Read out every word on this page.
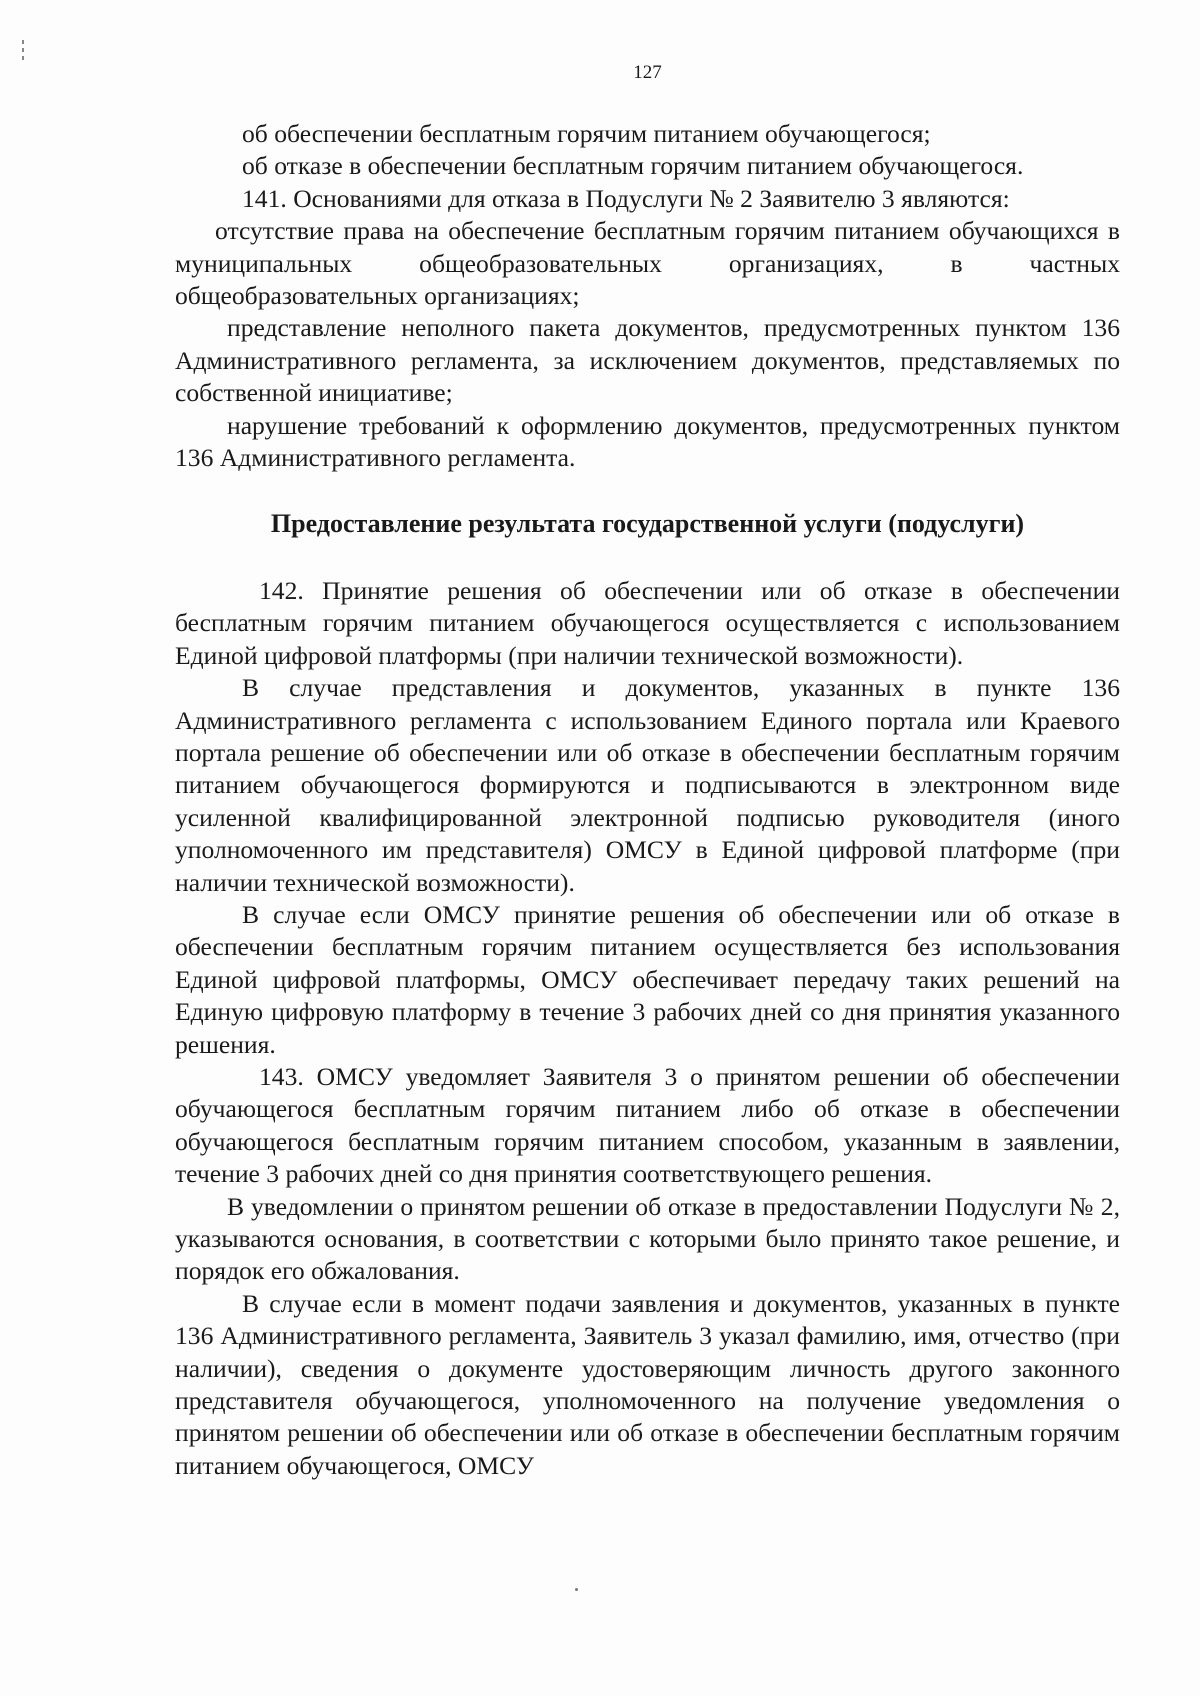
127

об обеспечении бесплатным горячим питанием обучающегося;

об отказе в обеспечении бесплатным горячим питанием обучающегося.

141. Основаниями для отказа в Подуслуги № 2 Заявителю 3 являются:

отсутствие права на обеспечение бесплатным горячим питанием обучающихся в муниципальных общеобразовательных организациях, в частных общеобразовательных организациях;

представление неполного пакета документов, предусмотренных пунктом 136 Административного регламента, за исключением документов, представляемых по собственной инициативе;

нарушение требований к оформлению документов, предусмотренных пунктом 136 Административного регламента.

Предоставление результата государственной услуги (подуслуги)

142. Принятие решения об обеспечении или об отказе в обеспечении бесплатным горячим питанием обучающегося осуществляется с использованием Единой цифровой платформы (при наличии технической возможности).

В случае представления и документов, указанных в пункте 136 Административного регламента с использованием Единого портала или Краевого портала решение об обеспечении или об отказе в обеспечении бесплатным горячим питанием обучающегося формируются и подписываются в электронном виде усиленной квалифицированной электронной подписью руководителя (иного уполномоченного им представителя) ОМСУ в Единой цифровой платформе (при наличии технической возможности).

В случае если ОМСУ принятие решения об обеспечении или об отказе в обеспечении бесплатным горячим питанием осуществляется без использования Единой цифровой платформы, ОМСУ обеспечивает передачу таких решений на Единую цифровую платформу в течение 3 рабочих дней со дня принятия указанного решения.

143. ОМСУ уведомляет Заявителя 3 о принятом решении об обеспечении обучающегося бесплатным горячим питанием либо об отказе в обеспечении обучающегося бесплатным горячим питанием способом, указанным в заявлении, течение 3 рабочих дней со дня принятия соответствующего решения.

В уведомлении о принятом решении об отказе в предоставлении Подуслуги № 2, указываются основания, в соответствии с которыми было принято такое решение, и порядок его обжалования.

В случае если в момент подачи заявления и документов, указанных в пункте 136 Административного регламента, Заявитель 3 указал фамилию, имя, отчество (при наличии), сведения о документе удостоверяющим личность другого законного представителя обучающегося, уполномоченного на получение уведомления о принятом решении об обеспечении или об отказе в обеспечении бесплатным горячим питанием обучающегося, ОМСУ
